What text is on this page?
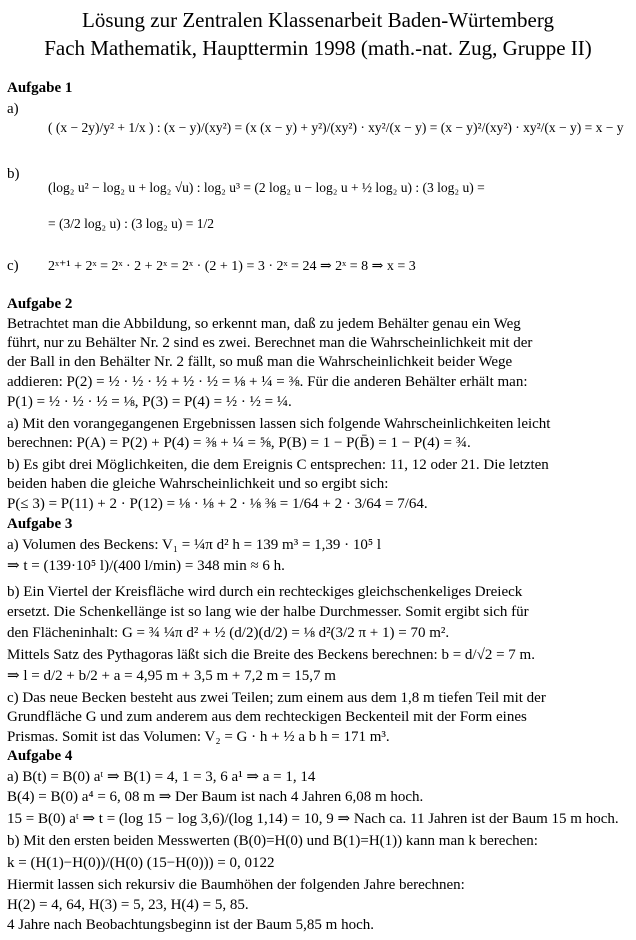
Lösung zur Zentralen Klassenarbeit Baden-Würtemberg
Fach Mathematik, Haupttermin 1998 (math.-nat. Zug, Gruppe II)
Aufgabe 1
a)
( (x − 2y)/y² + 1/x ) : (x − y)/(xy²) = (x (x − y) + y²)/(xy²) · xy²/(x − y) = (x − y)²/(xy²) · xy²/(x − y) = x − y
b)
(log₂ u² − log₂ u + log₂ √u) : log₂ u³ = (2 log₂ u − log₂ u + ½ log₂ u) : (3 log₂ u) =
= (3/2 log₂ u) : (3 log₂ u) = 1/2
c) 2ˣ⁺¹ + 2ˣ = 2ˣ · 2 + 2ˣ = 2ˣ · (2 + 1) = 3 · 2ˣ = 24 ⇒ 2ˣ = 8 ⇒ x = 3
Aufgabe 2
Betrachtet man die Abbildung, so erkennt man, daß zu jedem Behälter genau ein Weg
führt, nur zu Behälter Nr. 2 sind es zwei. Berechnet man die Wahrscheinlichkeit mit der
der Ball in den Behälter Nr. 2 fällt, so muß man die Wahrscheinlichkeit beider Wege
addieren: P(2) = ½ · ½ · ½ + ½ · ½ = ⅛ + ¼ = ⅜. Für die anderen Behälter erhält man:
P(1) = ½ · ½ · ½ = ⅛, P(3) = P(4) = ½ · ½ = ¼.
a) Mit den vorangegangenen Ergebnissen lassen sich folgende Wahrscheinlichkeiten leicht
berechnen: P(A) = P(2) + P(4) = ⅜ + ¼ = ⅝, P(B) = 1 − P(B̄) = 1 − P(4) = ¾.
b) Es gibt drei Möglichkeiten, die dem Ereignis C entsprechen: 11, 12 oder 21. Die letzten
beiden haben die gleiche Wahrscheinlichkeit und so ergibt sich:
P(≤ 3) = P(11) + 2 · P(12) = ⅛ · ⅛ + 2 · ⅛ ⅜ = 1/64 + 2 · 3/64 = 7/64.
Aufgabe 3
a) Volumen des Beckens: V₁ = ¼π d² h = 139 m³ = 1,39 · 10⁵ l
⇒ t = (139·10⁵ l)/(400 l/min) = 348 min ≈ 6 h.
b) Ein Viertel der Kreisfläche wird durch ein rechteckiges gleichschenkeliges Dreieck
ersetzt. Die Schenkellänge ist so lang wie der halbe Durchmesser. Somit ergibt sich für
den Flächeninhalt: G = ¾ ¼π d² + ½ (d/2)(d/2) = ⅛ d²(3/2 π + 1) = 70 m².
Mittels Satz des Pythagoras läßt sich die Breite des Beckens berechnen: b = d/√2 = 7 m.
⇒ l = d/2 + b/2 + a = 4,95 m + 3,5 m + 7,2 m = 15,7 m
c) Das neue Becken besteht aus zwei Teilen; zum einem aus dem 1,8 m tiefen Teil mit der
Grundfläche G und zum anderem aus dem rechteckigen Beckenteil mit der Form eines
Prismas. Somit ist das Volumen: V₂ = G · h + ½ a b h = 171 m³.
Aufgabe 4
a) B(t) = B(0) aᵗ ⇒ B(1) = 4, 1 = 3, 6 a¹ ⇒ a = 1, 14
B(4) = B(0) a⁴ = 6, 08 m ⇒ Der Baum ist nach 4 Jahren 6,08 m hoch.
15 = B(0) aᵗ ⇒ t = (log 15 − log 3,6)/(log 1,14) = 10, 9 ⇒ Nach ca. 11 Jahren ist der Baum 15 m hoch.
b) Mit den ersten beiden Messwerten (B(0)=H(0) und B(1)=H(1)) kann man k berechen:
k = (H(1)−H(0))/(H(0) (15−H(0))) = 0, 0122
Hiermit lassen sich rekursiv die Baumhöhen der folgenden Jahre berechnen:
H(2) = 4, 64, H(3) = 5, 23, H(4) = 5, 85.
4 Jahre nach Beobachtungsbeginn ist der Baum 5,85 m hoch.
